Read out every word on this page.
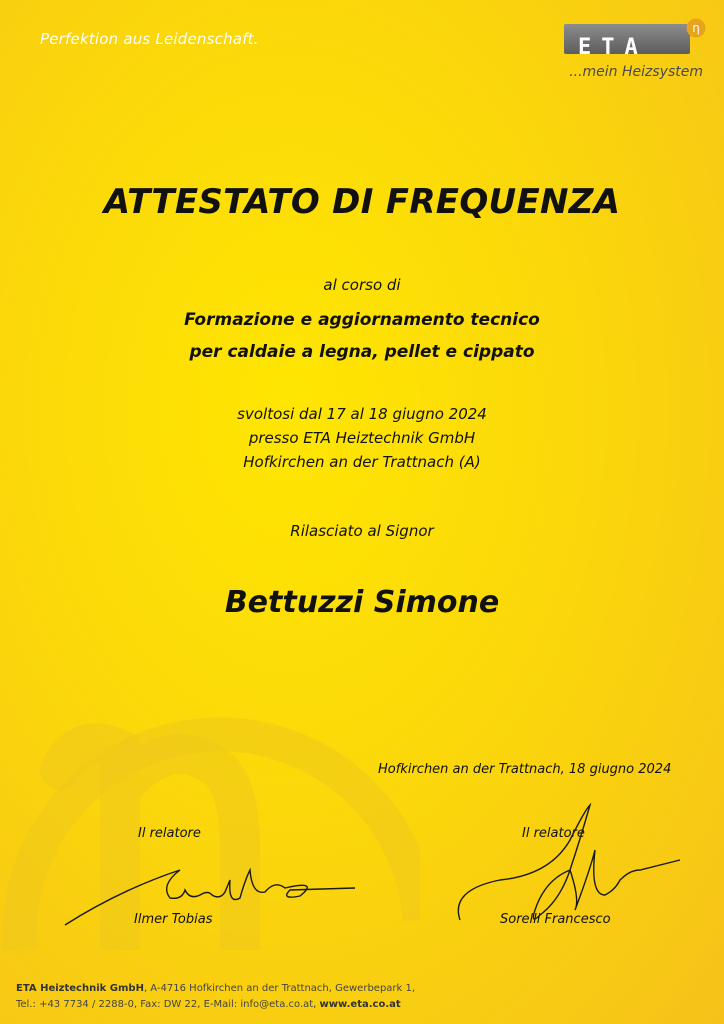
Perfektion aus Leidenschaft.	ETA
η
...mein Heizsystem
ATTESTATO DI FREQUENZA
al corso di
Formazione e aggiornamento tecnico
per caldaie a legna, pellet e cippato
svoltosi dal 17 al 18 giugno 2024
presso ETA Heiztechnik GmbH
Hofkirchen an der Trattnach (A)
Rilasciato al Signor
Bettuzzi Simone
Hofkirchen an der Trattnach, 18 giugno 2024
Il relatore	Il relatore
Ilmer Tobias	Sorelli Francesco
ETA Heiztechnik GmbH, A-4716 Hofkirchen an der Trattnach, Gewerbepark 1,
Tel.: +43 7734 / 2288-0, Fax: DW 22, E-Mail: info@eta.co.at, www.eta.co.at
